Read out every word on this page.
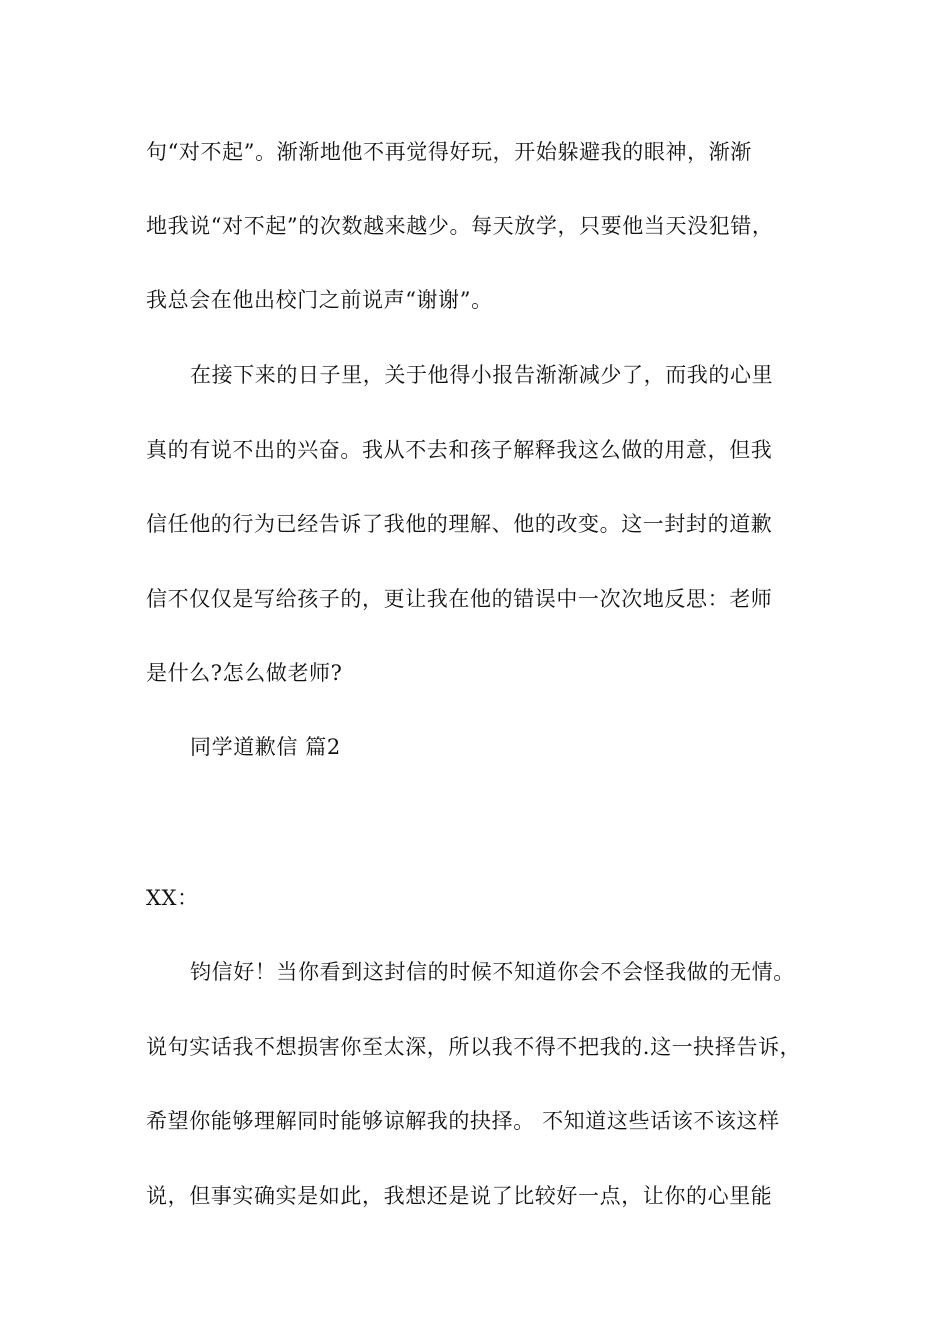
句“对不起”。渐渐地他不再觉得好玩，开始躲避我的眼神，渐渐
地我说“对不起”的次数越来越少。每天放学，只要他当天没犯错，
我总会在他出校门之前说声“谢谢”。
在接下来的日子里，关于他得小报告渐渐减少了，而我的心里
真的有说不出的兴奋。我从不去和孩子解释我这么做的用意，但我
信任他的行为已经告诉了我他的理解、他的改变。这一封封的道歉
信不仅仅是写给孩子的，更让我在他的错误中一次次地反思：老师
是什么?怎么做老师?
同学道歉信 篇2
XX：
钧信好！当你看到这封信的时候不知道你会不会怪我做的无情。
说句实话我不想损害你至太深，所以我不得不把我的.这一抉择告诉，
希望你能够理解同时能够谅解我的抉择。 不知道这些话该不该这样
说，但事实确实是如此，我想还是说了比较好一点，让你的心里能
